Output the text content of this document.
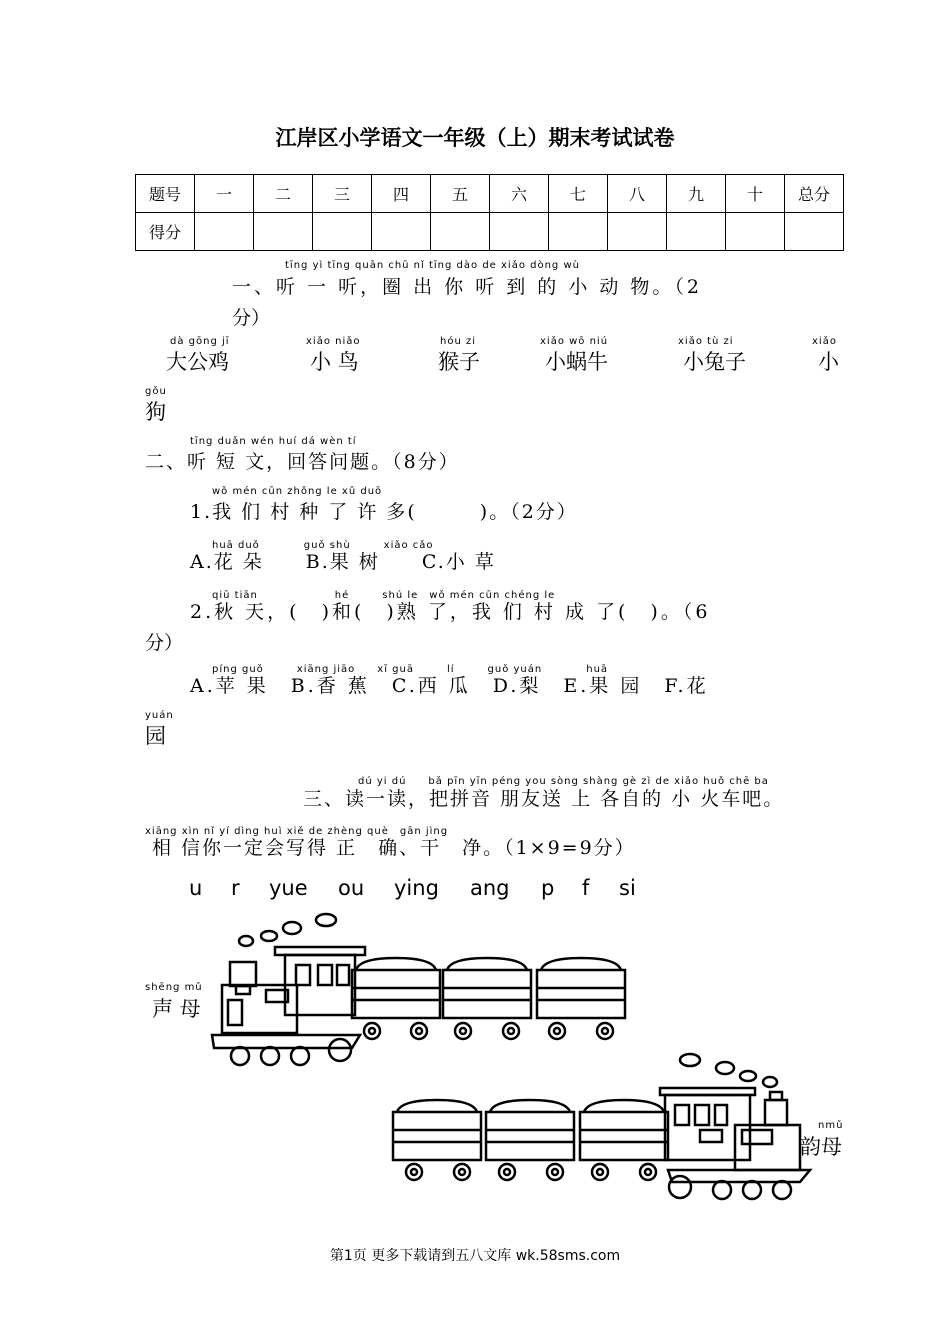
江岸区小学语文一年级（上）期末考试试卷
题号	一	二	三	四	五	六	七	八	九	十	总分
得分											
tīng yì tīng quān chū nǐ tīng dào de xiǎo dòng wù
一、听 一 听，圈 出 你 听 到 的 小 动 物。（2
分）
dà gōng jī
大公鸡
xiǎo niǎo
小 鸟
hóu zi
猴子
xiǎo wō niú
小蜗牛
xiǎo tù zi
小兔子
xiǎo
小
gǒu
狗
tīng duǎn wén huí dá wèn tí
二、听 短 文，回答问题。（8分）
wǒ mén cūn zhǒng le xǔ duō
1.我 们 村 种 了 许 多(　　　)。（2分）
huā duǒ　　　　guǒ shù　　　xiǎo cǎo
A.花 朵　　B.果 树　　C.小 草
qiū tiān　　　　　　　hé　　　shú le　wǒ mén cūn chéng le
2.秋 天，(　)和(　)熟 了，我 们 村 成 了(　)。（6
分）
píng guǒ　　　xiāng jiāo　　xī guā　　　lí　　　guǒ yuán　　　　huā
A.苹 果　B.香 蕉　C.西 瓜　D.梨　E.果 园　F.花
yuán
园
dú yi dú　　bǎ pīn yīn péng you sòng shàng gè zì de xiǎo huǒ chē ba
三、读一读，把拼音 朋友送 上 各自的 小 火车吧。
xiāng xìn nǐ yí dìng huì xiě de zhèng què　gān jìng
相 信你一定会写得 正　确、干　净。（1×9=9分）
u r yue ou ying ang p f si
shēng mǔ
声 母
nmǔ
韵母
第1页 更多下载请到五八文库 wk.58sms.com
